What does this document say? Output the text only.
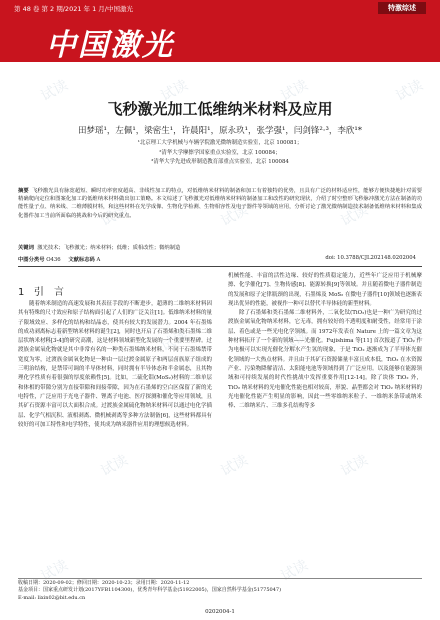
第 48 卷 第 2 期/2021 年 1 月/中国激光	特激综述
中国激光
试读	试读	试读	试读
试读	试读	试读
试读	试读	试读	试读
试读	试读	试读
试读	试读
飞秒激光加工低维纳米材料及应用
田梦瑶¹，左佩¹，梁密生¹，许晨阳¹，原永玖¹，张学强¹，闫剑锋²·³，李欣¹*
¹北京理工大学机械与车辆学院激光微纳制造实验室，北京 100081；
²清华大学摩擦学国家重点实验室，北京 100084；
³清华大学先进成形制造教育部重点实验室，北京 100084
摘要 飞秒激光具有脉宽超短、瞬时功率密度超高、非线性加工的特点，对低维纳米材料的制备和加工有着独特的优势，且具有广泛的材料适应性，能够方便快捷地针对需要精确爬向定位和图案化加工的低维纳米材料做出加工策略。本文综述了飞秒激光对低维纳米材料的制备加工和改性的研究现状，介绍了时空整形飞秒脉冲激光方法在制备的功能性量子点、纳米线、二维薄膜材料，和这些材料在光学成像、生物化学检测、生物相容性及电子器件等领域的应用，分析讨论了激光微纳制造技术制备低维纳米材料和集成化器件加工当前所面临的挑战和今后的研究重点。
关键词 激光技术；飞秒激光；纳米材料；低维；质相改性；微纳制造
中图分类号 O436 文献标志码 A	doi: 10.3788/CJL202148.0202004
1 引　言

随着纳米制造的高速发展和其表征手段的不断进步，超薄的二维纳米材料因其有特殊的尺寸效应和原子结构面引起了人们的广泛关注[1]。低维纳米材料的量子限域效应、多样化的结构和结晶态，使其有较大的发展潜力。2004 年石墨烯的成功剥离标志着新型纳米材料的诞生[2]，同时也开启了石墨烯和类石墨烯二维层状纳米材料[3-4]的研究高潮，这是材料领域新型化发展的一个重要里程碑。过渡族金属氧化物就是其中非常有名的一种类石墨烯纳米材料，不同于石墨烯禁带宽度为零，过渡族金属氧化物是一种由一层过渡金属原子和两层卤族原子组成的三明治结构，是禁带可调的半导体材料，同时拥有半导体态和半金属态，且其物理化学性质有着很强的厚度依赖性[5]。比如，二硫化钼(MoS₂)材料的二维单层和体相的带隙分别为直接带隙和间接带隙，因为在石墨烯的空白区保留了新的光电特性，广泛应用于光电子器件、锂离子电池、医疗探测和催化等应用领域，且其矿石资源丰富可以大面积合成。过渡族金属硫化物纳米材料可以通过电化学插层、化学气相沉积、液相剥离、微机械剥离等多种方法制备[6]，这些材料都具有较好的可加工特性和电学特性，使其成为纳米器件应用的理想候选材料。

机械性能、丰富的活性边缘、较好的性质稳定能力，近些年广泛应用于机械摩擦、化学催化[7]、生物传感[8]、能源转换[9]等领域。并且随着微电子器件制造的发展和原子定律瓶颈的出现，石墨烯及 MoS₂ 在微电子器件[10]领域也逐渐表现出优异的性能，被视作一种可以替代半导体硅的新型材料。

除了石墨烯和类石墨烯二维材料外，二氧化钛(TiO₂)也是一种广为研究的过渡族金属氧化物纳米材料，它无毒，拥有较好的不透明度和耐受性，经常用于涂层、着色或是一些光电化学领域。而 1972年发表在 Nature 上的一篇文章为这种材料拓开了一个新的领域——光催化。Fujishima 等[11] 首次报道了 TiO₂ 作为电极可以实现光催化分解水产生氢的现象，于是 TiO₂ 逐渐成为了半导体光催化领域的一大热点材料。并且由于其矿石资源储量丰富且成本低，TiO₂ 在水资源产业、污染物降解清洁、太阳能电池等领域得到了广泛应用。以及能够在能源领域和可持续发展的时代性挑战中发挥重要作用[12-14]。除了块体 TiO₂ 外，TiO₂ 纳米材料的光电催化性能也相对较高，形貌、晶型都会对 TiO₂ 纳米材料的光电催化性能产生明显的影响，因此一些零维纳米粒子、一维纳米条带或纳米棒、二维纳米片、三维多孔结构等多

收稿日期：2020-09-02；修回日期：2020-10-23；录用日期：2020-11-12
基金项目：国家重点研发计划(2017YFB1104300)，优秀青年科学基金(51922005)，国家自然科学基金(51775047)
E-mail: lixin02@bit.edu.cn
0202004-1
